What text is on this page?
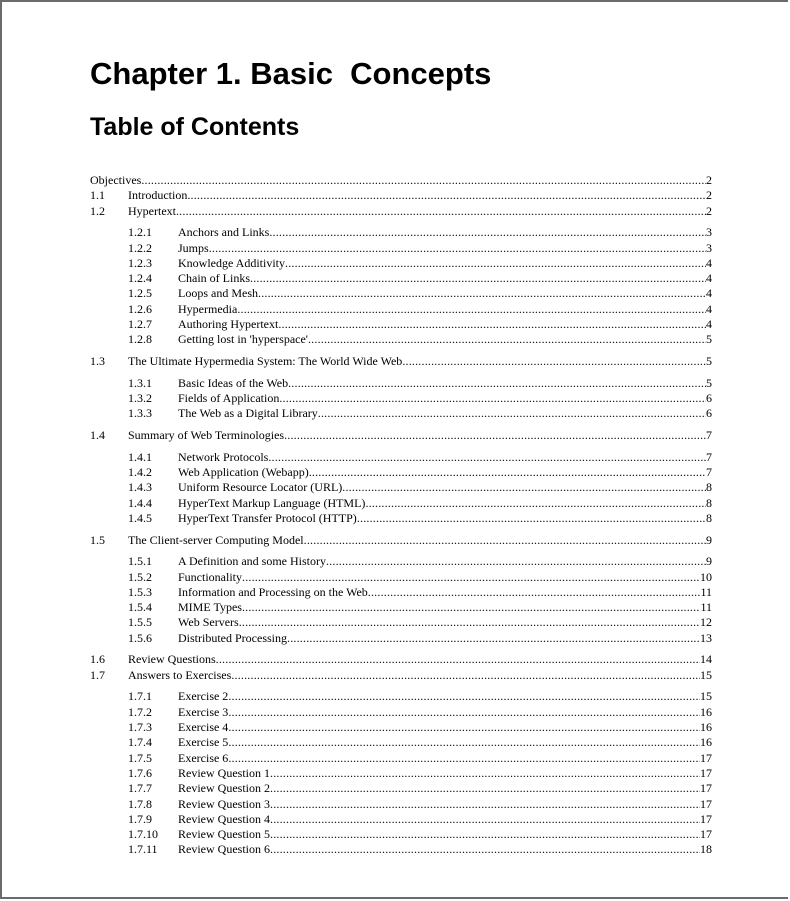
Chapter 1. Basic  Concepts
Table of Contents
Objectives .....	2
1.1 Introduction .....	2
1.2 Hypertext .....	2
1.2.1 Anchors and Links .....	3
1.2.2 Jumps .....	3
1.2.3 Knowledge Additivity .....	4
1.2.4 Chain of Links .....	4
1.2.5 Loops and Mesh .....	4
1.2.6 Hypermedia .....	4
1.2.7 Authoring Hypertext .....	4
1.2.8 Getting lost in 'hyperspace' .....	5
1.3 The Ultimate Hypermedia System: The World Wide Web .....	5
1.3.1 Basic Ideas of the Web .....	5
1.3.2 Fields of Application .....	6
1.3.3 The Web as a Digital Library .....	6
1.4 Summary of Web Terminologies .....	7
1.4.1 Network Protocols .....	7
1.4.2 Web Application (Webapp) .....	7
1.4.3 Uniform Resource Locator (URL) .....	8
1.4.4 HyperText Markup Language (HTML) .....	8
1.4.5 HyperText Transfer Protocol (HTTP) .....	8
1.5 The Client-server Computing Model .....	9
1.5.1 A Definition and some History .....	9
1.5.2 Functionality .....	10
1.5.3 Information and Processing on the Web .....	11
1.5.4 MIME Types .....	11
1.5.5 Web Servers .....	12
1.5.6 Distributed Processing .....	13
1.6 Review Questions .....	14
1.7 Answers to Exercises .....	15
1.7.1 Exercise 2 .....	15
1.7.2 Exercise 3 .....	16
1.7.3 Exercise 4 .....	16
1.7.4 Exercise 5 .....	16
1.7.5 Exercise 6 .....	17
1.7.6 Review Question 1 .....	17
1.7.7 Review Question 2 .....	17
1.7.8 Review Question 3 .....	17
1.7.9 Review Question 4 .....	17
1.7.10 Review Question 5 .....	17
1.7.11 Review Question 6 .....	18
